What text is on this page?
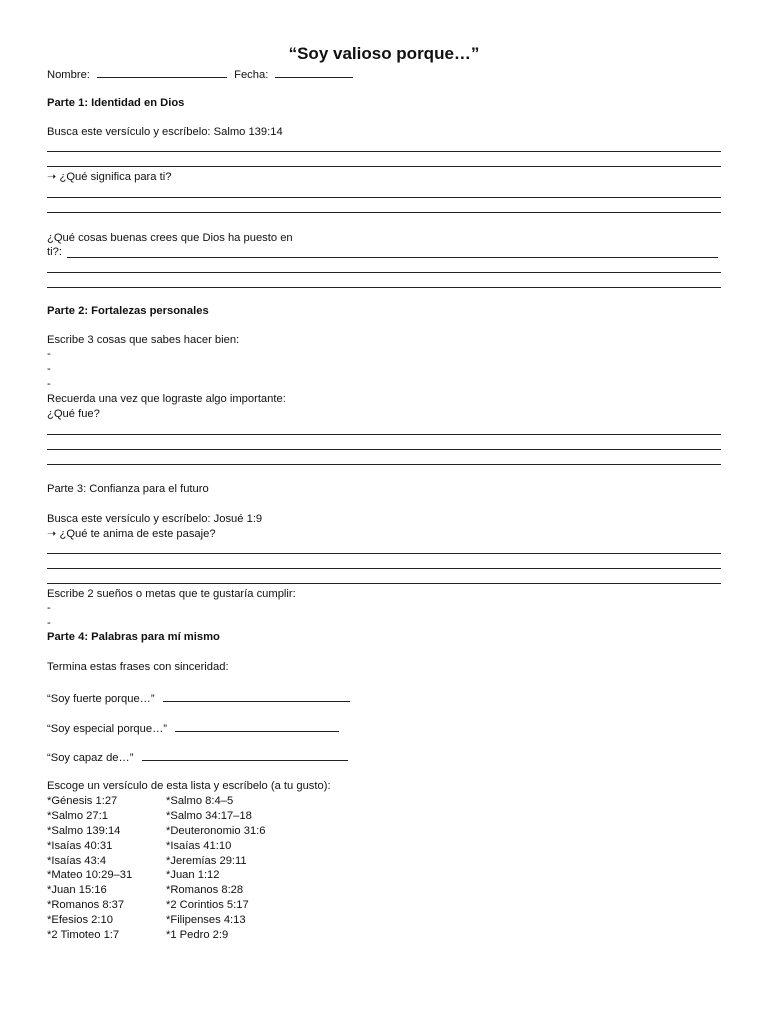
“Soy valioso porque…”
Nombre:	Fecha:
Parte 1: Identidad en Dios
Busca este versículo y escríbelo: Salmo 139:14
➝ ¿Qué significa para ti?
¿Qué cosas buenas crees que Dios ha puesto en
ti?:
Parte 2: Fortalezas personales
Escribe 3 cosas que sabes hacer bien:
-
-
-
Recuerda una vez que lograste algo importante:
¿Qué fue?
Parte 3: Confianza para el futuro
Busca este versículo y escríbelo: Josué 1:9
➝ ¿Qué te anima de este pasaje?
Escribe 2 sueños o metas que te gustaría cumplir:
-
-
Parte 4: Palabras para mí mismo
Termina estas frases con sinceridad:
“Soy fuerte porque…”
“Soy especial porque…”
“Soy capaz de…”
Escoge un versículo de esta lista y escríbelo (a tu gusto):
*Génesis 1:27	*Salmo 8:4–5
*Salmo 27:1	*Salmo 34:17–18
*Salmo 139:14	*Deuteronomio 31:6
*Isaías 40:31	*Isaías 41:10
*Isaías 43:4	*Jeremías 29:11
*Mateo 10:29–31	*Juan 1:12
*Juan 15:16	*Romanos 8:28
*Romanos 8:37	*2 Corintios 5:17
*Efesios 2:10	*Filipenses 4:13
*2 Timoteo 1:7	*1 Pedro 2:9
